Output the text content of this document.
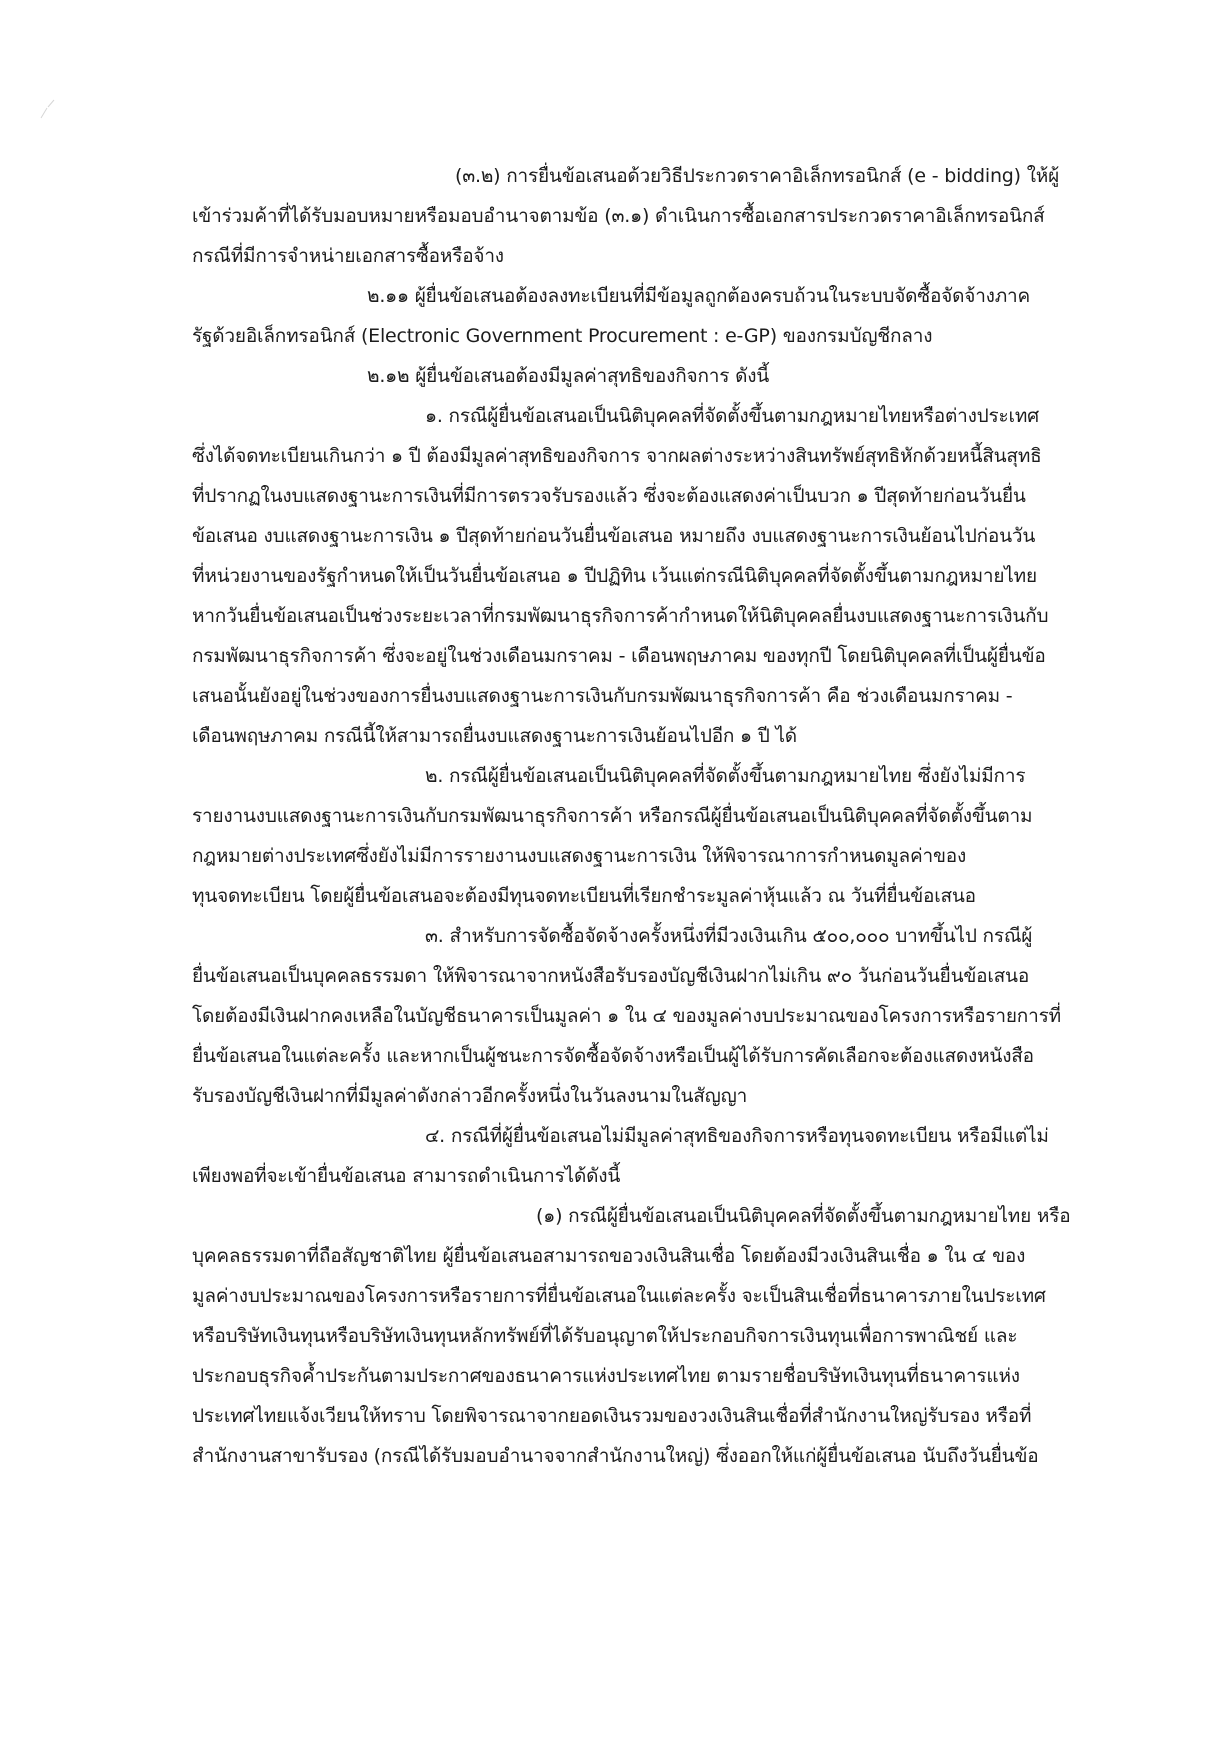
(๓.๒) การยื่นข้อเสนอด้วยวิธีประกวดราคาอิเล็กทรอนิกส์ (e - bidding) ให้ผู้
เข้าร่วมค้าที่ได้รับมอบหมายหรือมอบอำนาจตามข้อ (๓.๑) ดำเนินการซื้อเอกสารประกวดราคาอิเล็กทรอนิกส์
กรณีที่มีการจำหน่ายเอกสารซื้อหรือจ้าง
๒.๑๑ ผู้ยื่นข้อเสนอต้องลงทะเบียนที่มีข้อมูลถูกต้องครบถ้วนในระบบจัดซื้อจัดจ้างภาค
รัฐด้วยอิเล็กทรอนิกส์ (Electronic Government Procurement : e-GP) ของกรมบัญชีกลาง
๒.๑๒ ผู้ยื่นข้อเสนอต้องมีมูลค่าสุทธิของกิจการ ดังนี้
๑. กรณีผู้ยื่นข้อเสนอเป็นนิติบุคคลที่จัดตั้งขึ้นตามกฎหมายไทยหรือต่างประเทศ
ซึ่งได้จดทะเบียนเกินกว่า ๑ ปี ต้องมีมูลค่าสุทธิของกิจการ จากผลต่างระหว่างสินทรัพย์สุทธิหักด้วยหนี้สินสุทธิ
ที่ปรากฏในงบแสดงฐานะการเงินที่มีการตรวจรับรองแล้ว ซึ่งจะต้องแสดงค่าเป็นบวก ๑ ปีสุดท้ายก่อนวันยื่น
ข้อเสนอ งบแสดงฐานะการเงิน ๑ ปีสุดท้ายก่อนวันยื่นข้อเสนอ หมายถึง งบแสดงฐานะการเงินย้อนไปก่อนวัน
ที่หน่วยงานของรัฐกำหนดให้เป็นวันยื่นข้อเสนอ ๑ ปีปฏิทิน เว้นแต่กรณีนิติบุคคลที่จัดตั้งขึ้นตามกฎหมายไทย
หากวันยื่นข้อเสนอเป็นช่วงระยะเวลาที่กรมพัฒนาธุรกิจการค้ากำหนดให้นิติบุคคลยื่นงบแสดงฐานะการเงินกับ
กรมพัฒนาธุรกิจการค้า ซึ่งจะอยู่ในช่วงเดือนมกราคม - เดือนพฤษภาคม ของทุกปี โดยนิติบุคคลที่เป็นผู้ยื่นข้อ
เสนอนั้นยังอยู่ในช่วงของการยื่นงบแสดงฐานะการเงินกับกรมพัฒนาธุรกิจการค้า คือ ช่วงเดือนมกราคม -
เดือนพฤษภาคม กรณีนี้ให้สามารถยื่นงบแสดงฐานะการเงินย้อนไปอีก ๑ ปี ได้
๒. กรณีผู้ยื่นข้อเสนอเป็นนิติบุคคลที่จัดตั้งขึ้นตามกฎหมายไทย ซึ่งยังไม่มีการ
รายงานงบแสดงฐานะการเงินกับกรมพัฒนาธุรกิจการค้า หรือกรณีผู้ยื่นข้อเสนอเป็นนิติบุคคลที่จัดตั้งขึ้นตาม
กฎหมายต่างประเทศซึ่งยังไม่มีการรายงานงบแสดงฐานะการเงิน ให้พิจารณาการกำหนดมูลค่าของ
ทุนจดทะเบียน โดยผู้ยื่นข้อเสนอจะต้องมีทุนจดทะเบียนที่เรียกชำระมูลค่าหุ้นแล้ว ณ วันที่ยื่นข้อเสนอ
๓. สำหรับการจัดซื้อจัดจ้างครั้งหนึ่งที่มีวงเงินเกิน ๕๐๐,๐๐๐ บาทขึ้นไป กรณีผู้
ยื่นข้อเสนอเป็นบุคคลธรรมดา ให้พิจารณาจากหนังสือรับรองบัญชีเงินฝากไม่เกิน ๙๐ วันก่อนวันยื่นข้อเสนอ
โดยต้องมีเงินฝากคงเหลือในบัญชีธนาคารเป็นมูลค่า ๑ ใน ๔ ของมูลค่างบประมาณของโครงการหรือรายการที่
ยื่นข้อเสนอในแต่ละครั้ง และหากเป็นผู้ชนะการจัดซื้อจัดจ้างหรือเป็นผู้ได้รับการคัดเลือกจะต้องแสดงหนังสือ
รับรองบัญชีเงินฝากที่มีมูลค่าดังกล่าวอีกครั้งหนึ่งในวันลงนามในสัญญา
๔. กรณีที่ผู้ยื่นข้อเสนอไม่มีมูลค่าสุทธิของกิจการหรือทุนจดทะเบียน หรือมีแต่ไม่
เพียงพอที่จะเข้ายื่นข้อเสนอ สามารถดำเนินการได้ดังนี้
(๑) กรณีผู้ยื่นข้อเสนอเป็นนิติบุคคลที่จัดตั้งขึ้นตามกฎหมายไทย หรือ
บุคคลธรรมดาที่ถือสัญชาติไทย ผู้ยื่นข้อเสนอสามารถขอวงเงินสินเชื่อ โดยต้องมีวงเงินสินเชื่อ ๑ ใน ๔ ของ
มูลค่างบประมาณของโครงการหรือรายการที่ยื่นข้อเสนอในแต่ละครั้ง จะเป็นสินเชื่อที่ธนาคารภายในประเทศ
หรือบริษัทเงินทุนหรือบริษัทเงินทุนหลักทรัพย์ที่ได้รับอนุญาตให้ประกอบกิจการเงินทุนเพื่อการพาณิชย์ และ
ประกอบธุรกิจค้ำประกันตามประกาศของธนาคารแห่งประเทศไทย ตามรายชื่อบริษัทเงินทุนที่ธนาคารแห่ง
ประเทศไทยแจ้งเวียนให้ทราบ โดยพิจารณาจากยอดเงินรวมของวงเงินสินเชื่อที่สำนักงานใหญ่รับรอง หรือที่
สำนักงานสาขารับรอง (กรณีได้รับมอบอำนาจจากสำนักงานใหญ่) ซึ่งออกให้แก่ผู้ยื่นข้อเสนอ นับถึงวันยื่นข้อ
